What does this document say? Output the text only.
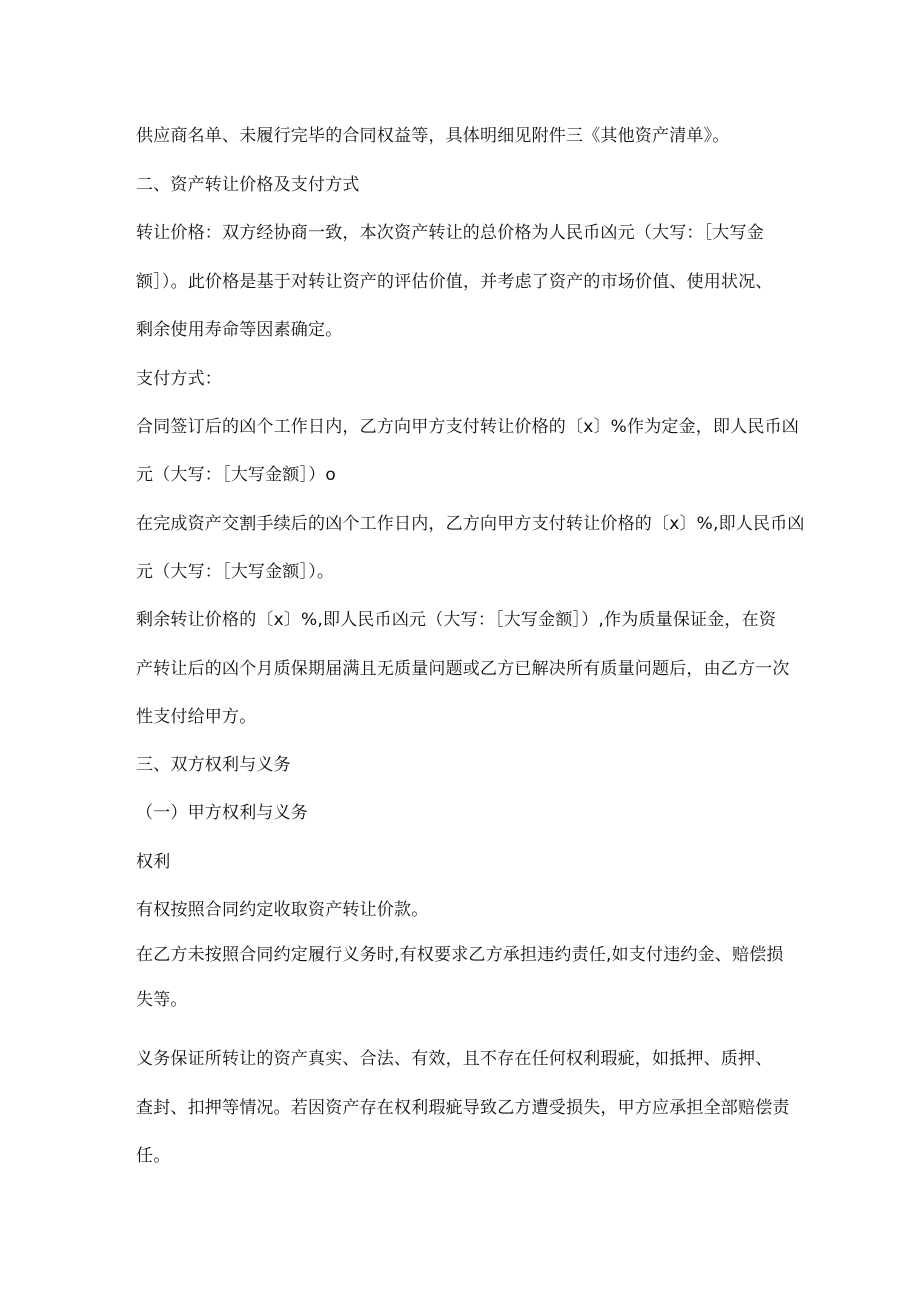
供应商名单、未履行完毕的合同权益等，具体明细见附件三《其他资产清单》。
二、资产转让价格及支付方式
转让价格：双方经协商一致，本次资产转让的总价格为人民币凶元（大写：［大写金
额］）。此价格是基于对转让资产的评估价值，并考虑了资产的市场价值、使用状况、
剩余使用寿命等因素确定。
支付方式：
合同签订后的凶个工作日内，乙方向甲方支付转让价格的〔x〕%作为定金，即人民币凶
元（大写：［大写金额］）o
在完成资产交割手续后的凶个工作日内，乙方向甲方支付转让价格的〔x〕%,即人民币凶
元（大写：［大写金额］）。
剩余转让价格的〔x〕%,即人民币凶元（大写：［大写金额］）,作为质量保证金，在资
产转让后的凶个月质保期届满且无质量问题或乙方已解决所有质量问题后，由乙方一次
性支付给甲方。
三、双方权利与义务
（一）甲方权利与义务
权利
有权按照合同约定收取资产转让价款。
在乙方未按照合同约定履行义务时,有权要求乙方承担违约责任,如支付违约金、赔偿损
失等。
义务保证所转让的资产真实、合法、有效，且不存在任何权利瑕疵，如抵押、质押、
查封、扣押等情况。若因资产存在权利瑕疵导致乙方遭受损失，甲方应承担全部赔偿责
任。
